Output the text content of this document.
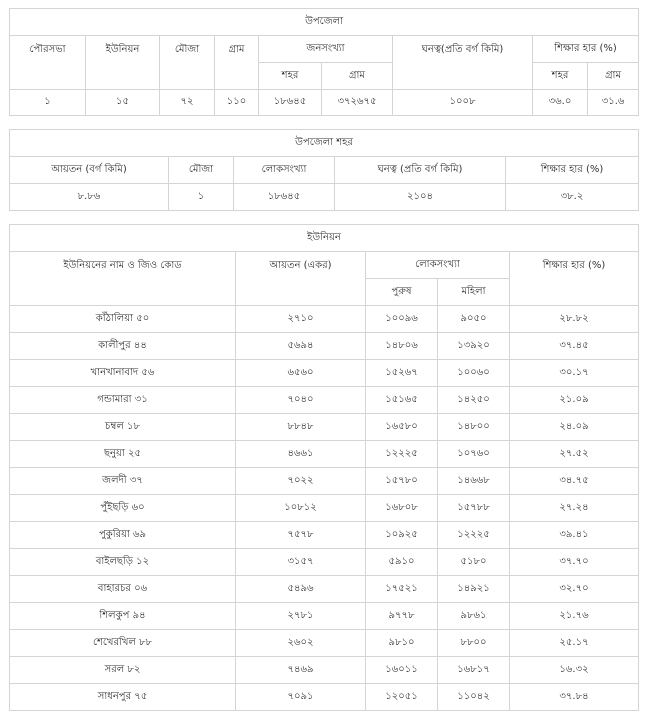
উপজেলা								
পৌরসভা	ইউনিয়ন	মৌজা	গ্রাম	জনসংখ্যা		ঘনত্ব(প্রতি বর্গ কিমি)	শিক্ষার হার (%)	
				শহর	গ্রাম		শহর	গ্রাম
১	১৫	৭২	১১০	১৮৬৪৫	৩৭২৬৭৫	১০০৮	৩৬.০	৩১.৬
উপজেলা শহর				
আয়তন (বর্গ কিমি)	মৌজা	লোকসংখ্যা	ঘনত্ব (প্রতি বর্গ কিমি)	শিক্ষার হার (%)
৮.৮৬	১	১৮৬৪৫	২১০৪	৩৮.২
ইউনিয়ন				
ইউনিয়নের নাম ও জিও কোড	আয়তন (একর)	লোকসংখ্যা		শিক্ষার হার (%)
		পুরুষ	মহিলা	
কাঁঠালিয়া ৫০	২৭১০	১০০৯৬	৯০৫০	২৮.৮২
কালীপুর ৪৪	৫৬৯৪	১৪৮০৬	১৩৯২০	৩৭.৪৫
খানখানাবাদ ৫৬	৬৫৬০	১৫২৬৭	১০০৬০	৩০.১৭
গন্ডামারা ৩১	৭০৪০	১৫১৬৫	১৪২৫০	২১.০৯
চম্বল ১৮	৮৮৪৮	১৬৫৮০	১৪৮০০	২৪.০৯
ছনুয়া ২৫	৪৬৬১	১২২২৫	১০৭৬০	২৭.৫২
জলদী ৩৭	৭০২২	১৫৭৮০	১৪৬৬৮	৩৪.৭৫
পুঁইছড়ি ৬০	১০৮১২	১৬৮০৮	১৫৭৮৮	২৭.২৪
পুকুরিয়া ৬৯	৭৫৭৮	১০৯২৫	১২২২৫	৩৯.৪১
বাইলছড়ি ১২	৩১৫৭	৫৯১০	৫১৮০	৩৭.৭০
বাহারচর ০৬	৫৪৯৬	১৭৫২১	১৪৯২১	৩২.৭০
শিলকুপ ৯৪	২৭৮১	৯৭৭৮	৯৮৬১	২১.৭৬
শেখেরখিল ৮৮	২৬০২	৯৮১০	৮৮০০	২৫.১৭
সরল ৮২	৭৪৬৯	১৬০১১	১৬৮১৭	১৬.৩২
সাধনপুর ৭৫	৭০৯১	১২০৫১	১১০৪২	৩৭.৮৪
